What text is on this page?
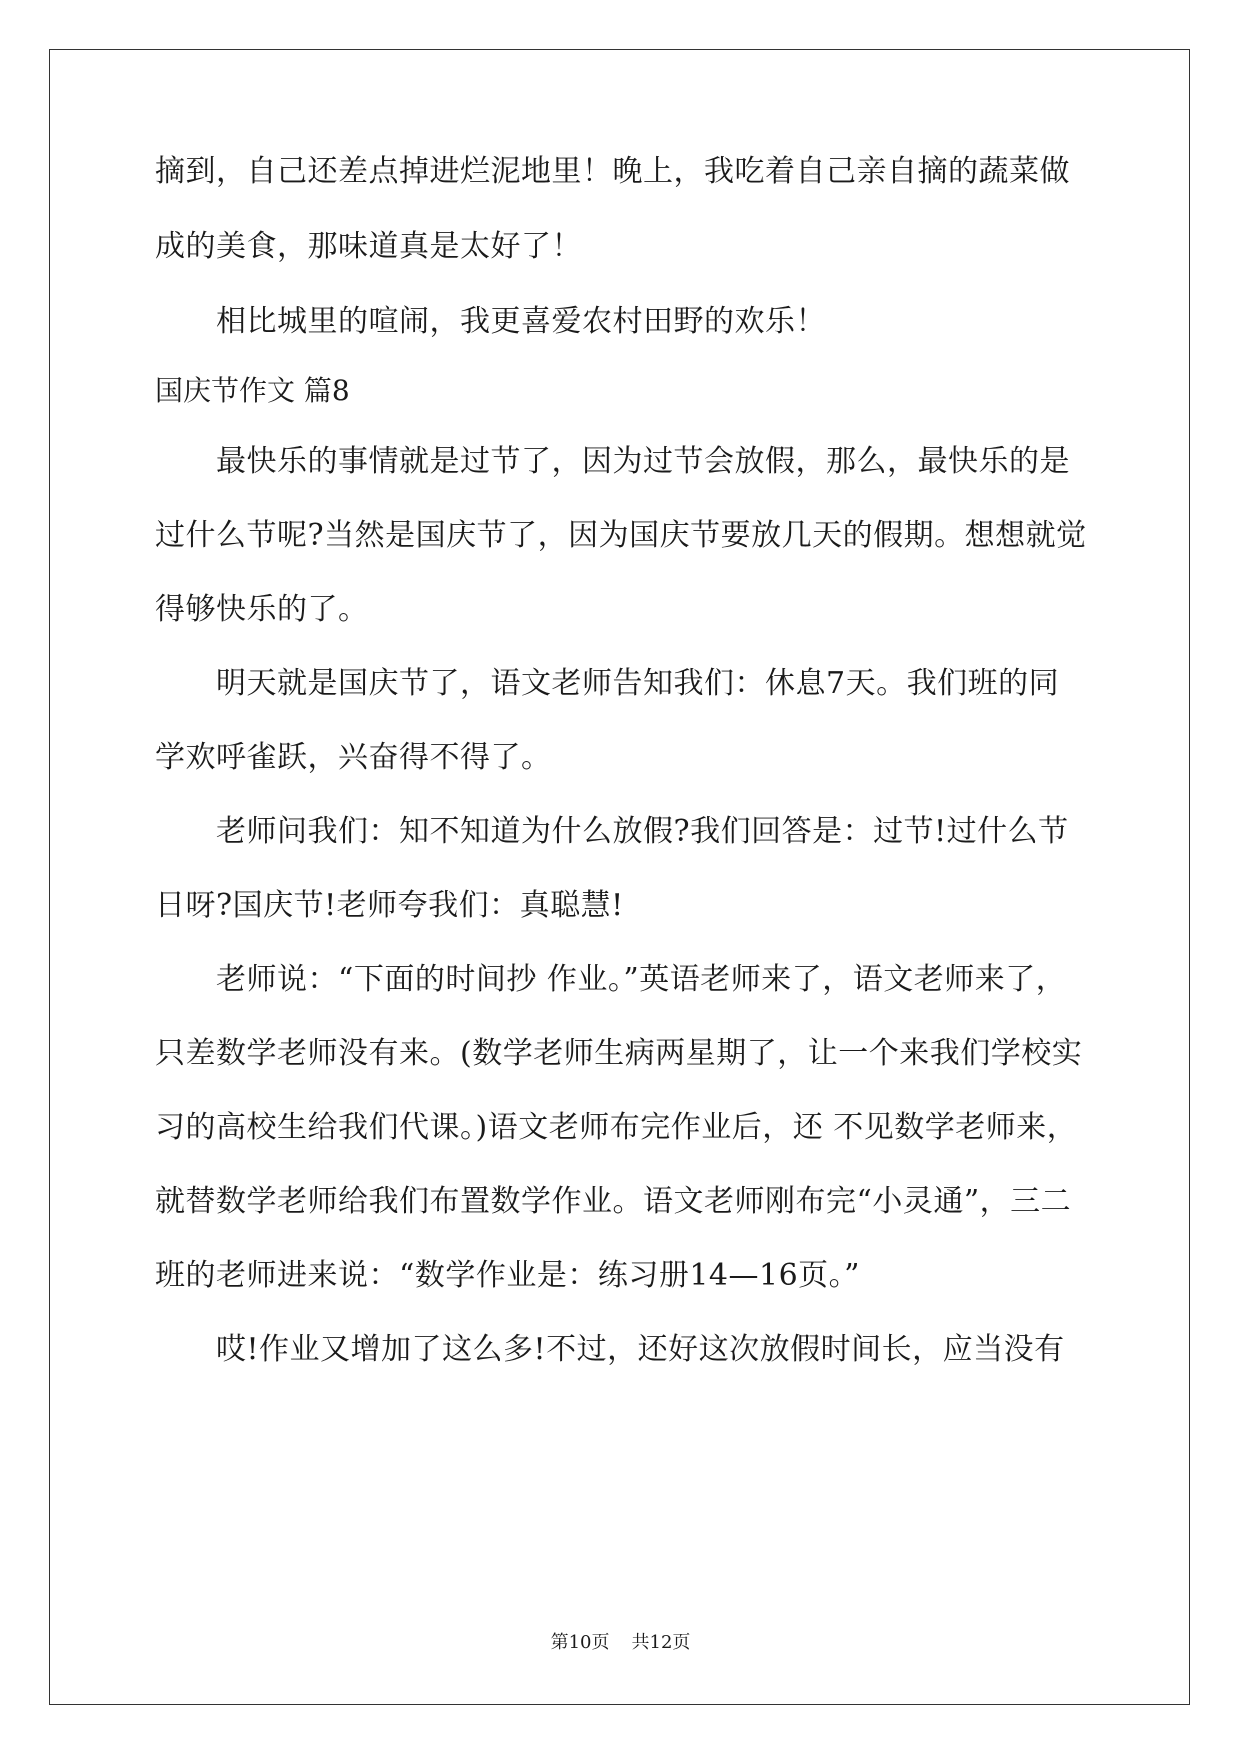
摘到，自己还差点掉进烂泥地里！晚上，我吃着自己亲自摘的蔬菜做
成的美食，那味道真是太好了！
相比城里的喧闹，我更喜爱农村田野的欢乐！
国庆节作文 篇8
最快乐的事情就是过节了，因为过节会放假，那么，最快乐的是
过什么节呢?当然是国庆节了，因为国庆节要放几天的假期。想想就觉
得够快乐的了。
明天就是国庆节了，语文老师告知我们：休息7天。我们班的同
学欢呼雀跃，兴奋得不得了。
老师问我们：知不知道为什么放假?我们回答是：过节!过什么节
日呀?国庆节!老师夸我们：真聪慧!
老师说：“下面的时间抄 作业。”英语老师来了，语文老师来了，
只差数学老师没有来。(数学老师生病两星期了，让一个来我们学校实
习的高校生给我们代课。)语文老师布完作业后，还 不见数学老师来，
就替数学老师给我们布置数学作业。语文老师刚布完“小灵通”，三二
班的老师进来说：“数学作业是：练习册14—16页。”
哎!作业又增加了这么多!不过，还好这次放假时间长，应当没有
第10页 共12页
